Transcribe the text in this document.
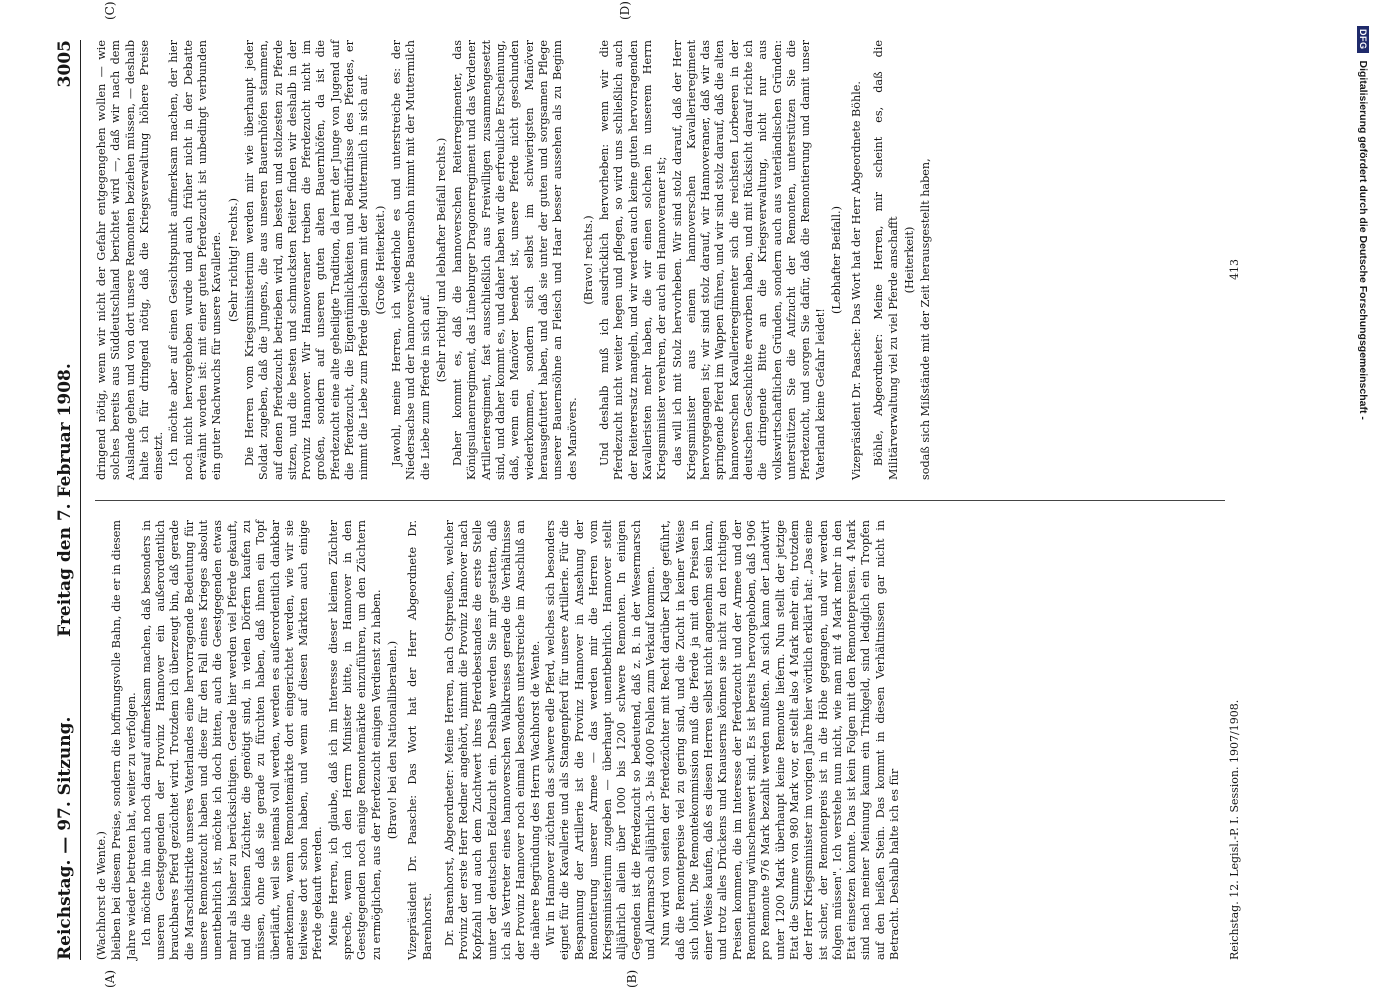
Reichstag. — 97. Sitzung.
Freitag den 7. Februar 1908.
3005
(A)	(B)
(C)	(D)

(Wachhorst de Wente.) bleiben bei diesem Preise, sondern die hoffnungsvolle Bahn, die er in diesem Jahre wieder betreten hat, weiter zu verfolgen. Ich möchte ihn auch noch darauf aufmerksam machen, daß besonders in unseren Geestgegenden der Provinz Hannover ein außerordentlich brauchbares Pferd gezüchtet wird. Trotzdem ich überzeugt bin, daß gerade die Marschdistrikte unseres Vaterlandes eine hervorragende Bedeutung für unsere Remontezucht haben und diese für den Fall eines Krieges absolut unentbehrlich ist, möchte ich doch bitten, auch die Geestgegenden etwas mehr als bisher zu berücksichtigen. Gerade hier werden viel Pferde gekauft, und die kleinen Züchter, die genötigt sind, in vielen Dörfern kaufen zu müssen, ohne daß sie gerade zu fürchten haben, daß ihnen ein Topf überläuft, weil sie niemals voll werden, werden es außerordentlich dankbar anerkennen, wenn Remontemärkte dort eingerichtet werden, wie wir sie teilweise dort schon haben, und wenn auf diesen Märkten auch einige Pferde gekauft werden. Meine Herren, ich glaube, daß ich im Interesse dieser kleinen Züchter spreche, wenn ich den Herrn Minister bitte, in Hannover in den Geestgegenden noch einige Remontemärkte einzuführen, um den Züchtern zu ermöglichen, aus der Pferdezucht einigen Verdienst zu haben. (Bravo! bei den Nationalliberalen.) Vizepräsident Dr. Paasche: Das Wort hat der Herr Abgeordnete Dr. Barenhorst. Dr. Barenhorst, Abgeordneter: Meine Herren, nach Ostpreußen, welcher Provinz der erste Herr Redner angehört, nimmt die Provinz Hannover nach Kopfzahl und auch dem Zuchtwert ihres Pferdebestandes die erste Stelle unter der deutschen Edelzucht ein. Deshalb werden Sie mir gestatten, daß ich als Vertreter eines hannoverschen Wahlkreises gerade die Verhältnisse der Provinz Hannover noch einmal besonders unterstreiche im Anschluß an die nähere Begründung des Herrn Wachhorst de Wente. Wir in Hannover züchten das schwere edle Pferd, welches sich besonders eignet für die Kavallerie und als Stangenpferd für unsere Artillerie. Für die Bespannung der Artillerie ist die Provinz Hannover in Ansehung der Remontierung unserer Armee — das werden mir die Herren vom Kriegsministerium zugeben — überhaupt unentbehrlich. Hannover stellt alljährlich allein über 1000 bis 1200 schwere Remonten. In einigen Gegenden ist die Pferdezucht so bedeutend, daß z. B. in der Wesermarsch und Allermarsch alljährlich 3- bis 4000 Fohlen zum Verkauf kommen. Nun wird von seiten der Pferdezüchter mit Recht darüber Klage geführt, daß die Remontepreise viel zu gering sind, und die Zucht in keiner Weise sich lohnt. Die Remontekommission muß die Pferde ja mit den Preisen in einer Weise kaufen, daß es diesen Herren selbst nicht angenehm sein kann, und trotz alles Drückens und Knauserns können sie nicht zu den richtigen Preisen kommen, die im Interesse der Pferdezucht und der Armee und der Remontierung wünschenswert sind. Es ist bereits hervorgehoben, daß 1906 pro Remonte 976 Mark bezahlt werden mußten. An sich kann der Landwirt unter 1200 Mark überhaupt keine Remonte liefern. Nun stellt der jetzige Etat die Summe von 980 Mark vor, er stellt also 4 Mark mehr ein, trotzdem der Herr Kriegsminister im vorigen Jahre hier wörtlich erklärt hat: „Das eine ist sicher, der Remontepreis ist in die Höhe gegangen, und wir werden folgen müssen". Ich verstehe nun nicht, wie man mit 4 Mark mehr in den Etat einsetzen konnte. Das ist kein Folgen mit den Remontepreisen. 4 Mark sind nach meiner Meinung kaum ein Trinkgeld, sind lediglich ein Tropfen auf den heißen Stein. Das kommt in diesen Verhältnissen gar nicht in Betracht. Deshalb halte ich es für

dringend nötig, wenn wir nicht der Gefahr entgegengehen wollen — wie solches bereits aus Süddeutschland berichtet wird —, daß wir nach dem Auslande gehen und von dort unsere Remonten beziehen müssen, — deshalb halte ich für dringend nötig, daß die Kriegsverwaltung höhere Preise einsetzt. Ich möchte aber auf einen Gesichtspunkt aufmerksam machen, der hier noch nicht hervorgehoben wurde und auch früher nicht in der Debatte erwähnt worden ist: mit einer guten Pferdezucht ist unbedingt verbunden ein guter Nachwuchs für unsere Kavallerie. (Sehr richtig! rechts.) Die Herren vom Kriegsministerium werden mir wie überhaupt jeder Soldat zugeben, daß die Jungens, die aus unseren Bauernhöfen stammen, auf denen Pferdezucht betrieben wird, am besten und stolzesten zu Pferde sitzen, und die besten und schmucksten Reiter finden wir deshalb in der Provinz Hannover. Wir Hannoveraner treiben die Pferdezucht nicht im großen, sondern auf unseren guten alten Bauernhöfen, da ist die Pferdezucht eine alte geheiligte Tradition, da lernt der Junge von Jugend auf die Pferdezucht, die Eigentümlichkeiten und Bedürfnisse des Pferdes, er nimmt die Liebe zum Pferde gleichsam mit der Muttermilch in sich auf. (Große Heiterkeit.) Jawohl, meine Herren, ich wiederhole es und unterstreiche es: der Niedersachse und der hannoversche Bauernsohn nimmt mit der Muttermilch die Liebe zum Pferde in sich auf.

(Sehr richtig! und lebhafter Beifall rechts.) Daher kommt es, daß die hannoverschen Reiterregimenter, das Königsulanenregiment, das Lüneburger Dragonerregiment und das Verdener Artillerieregiment, fast ausschließlich aus Freiwilligen zusammengesetzt sind, und daher kommt es, und daher haben wir die erfreuliche Erscheinung, daß, wenn ein Manöver beendet ist, unsere Pferde nicht geschunden wiederkommen, sondern sich selbst im schwierigsten Manöver herausgefuttert haben, und daß sie unter der guten und sorgsamen Pflege unserer Bauernsöhne an Fleisch und Haar besser aussehen als zu Beginn des Manövers.

(Bravo! rechts.) Und deshalb muß ich ausdrücklich hervorheben: wenn wir die Pferdezucht nicht weiter hegen und pflegen, so wird uns schließlich auch der Reiterersatz mangeln, und wir werden auch keine guten hervorragenden Kavalleristen mehr haben, die wir einen solchen in unserem Herrn Kriegsminister verehren, der auch ein Hannoveraner ist; das will ich mit Stolz hervorheben. Wir sind stolz darauf, daß der Herr Kriegsminister aus einem hannoverschen Kavallerieregiment hervorgegangen ist; wir sind stolz darauf, wir Hannoveraner, daß wir das springende Pferd im Wappen führen, und wir sind stolz darauf, daß die alten hannoverschen Kavallerieregimenter sich die reichsten Lorbeeren in der deutschen Geschichte erworben haben, und mit Rücksicht darauf richte ich die dringende Bitte an die Kriegsverwaltung, nicht nur aus volkswirtschaftlichen Gründen, sondern auch aus vaterländischen Gründen: unterstützen Sie die Aufzucht der Remonten, unterstützen Sie die Pferdezucht, und sorgen Sie dafür, daß die Remontierung und damit unser Vaterland keine Gefahr leidet!

(Lebhafter Beifall.) Vizepräsident Dr. Paasche: Das Wort hat der Herr Abgeordnete Böhle. Böhle, Abgeordneter: Meine Herren, mir scheint es, daß die Militärverwaltung viel zu viel Pferde anschafft (Heiterkeit) sodaß sich Mißstände mit der Zeit herausgestellt haben,

Reichstag. 12. Legisl.-P. I. Session. 1907/1908.
413
DFG
Digitalisierung gefördert durch die Deutsche Forschungsgemeinschaft -
